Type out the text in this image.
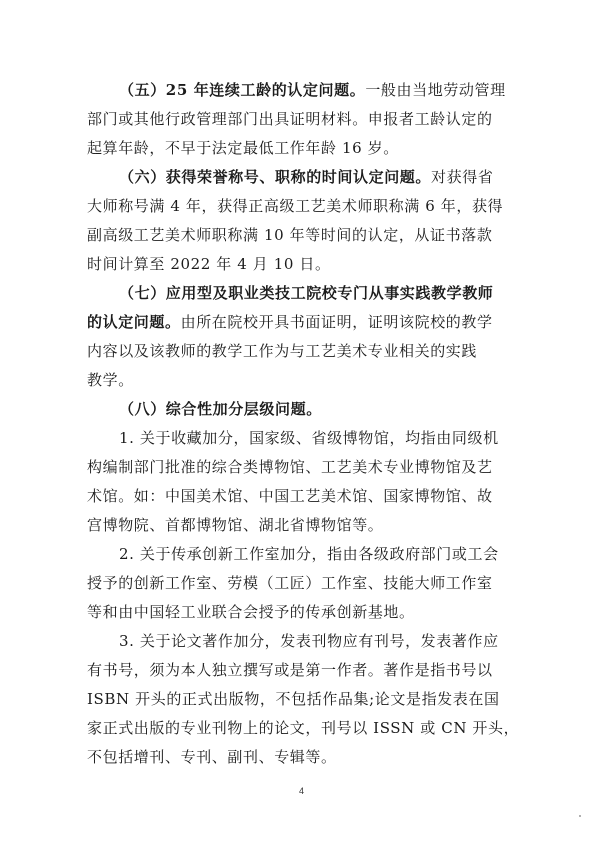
（五）25 年连续工龄的认定问题。一般由当地劳动管理
部门或其他行政管理部门出具证明材料。申报者工龄认定的
起算年龄，不早于法定最低工作年龄 16 岁。
（六）获得荣誉称号、职称的时间认定问题。对获得省
大师称号满 4 年，获得正高级工艺美术师职称满 6 年，获得
副高级工艺美术师职称满 10 年等时间的认定，从证书落款
时间计算至 2022 年 4 月 10 日。
（七）应用型及职业类技工院校专门从事实践教学教师
的认定问题。由所在院校开具书面证明，证明该院校的教学
内容以及该教师的教学工作为与工艺美术专业相关的实践
教学。
（八）综合性加分层级问题。
1. 关于收藏加分，国家级、省级博物馆，均指由同级机
构编制部门批准的综合类博物馆、工艺美术专业博物馆及艺
术馆。如：中国美术馆、中国工艺美术馆、国家博物馆、故
宫博物院、首都博物馆、湖北省博物馆等。
2. 关于传承创新工作室加分，指由各级政府部门或工会
授予的创新工作室、劳模（工匠）工作室、技能大师工作室
等和由中国轻工业联合会授予的传承创新基地。
3. 关于论文著作加分，发表刊物应有刊号，发表著作应
有书号，须为本人独立撰写或是第一作者。著作是指书号以
ISBN 开头的正式出版物，不包括作品集;论文是指发表在国
家正式出版的专业刊物上的论文，刊号以 ISSN 或 CN 开头，
不包括增刊、专刊、副刊、专辑等。
4
